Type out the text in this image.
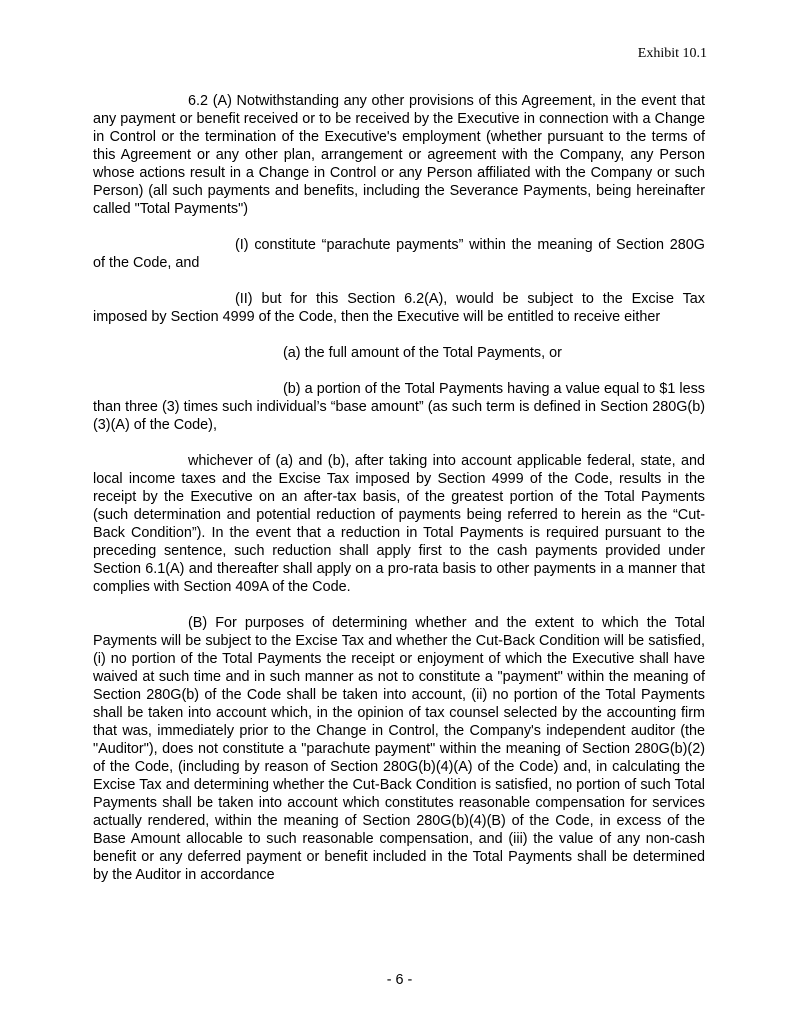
Exhibit 10.1

6.2 (A) Notwithstanding any other provisions of this Agreement, in the event that any payment or benefit received or to be received by the Executive in connection with a Change in Control or the termination of the Executive's employment (whether pursuant to the terms of this Agreement or any other plan, arrangement or agreement with the Company, any Person whose actions result in a Change in Control or any Person affiliated with the Company or such Person) (all such payments and benefits, including the Severance Payments, being hereinafter called "Total Payments")

(I) constitute “parachute payments” within the meaning of Section 280G of the Code, and

(II) but for this Section 6.2(A), would be subject to the Excise Tax imposed by Section 4999 of the Code, then the Executive will be entitled to receive either

(a) the full amount of the Total Payments, or

(b) a portion of the Total Payments having a value equal to $1 less than three (3) times such individual’s “base amount” (as such term is defined in Section 280G(b)(3)(A) of the Code),

whichever of (a) and (b), after taking into account applicable federal, state, and local income taxes and the Excise Tax imposed by Section 4999 of the Code, results in the receipt by the Executive on an after-tax basis, of the greatest portion of the Total Payments (such determination and potential reduction of payments being referred to herein as the “Cut-Back Condition”). In the event that a reduction in Total Payments is required pursuant to the preceding sentence, such reduction shall apply first to the cash payments provided under Section 6.1(A) and thereafter shall apply on a pro-rata basis to other payments in a manner that complies with Section 409A of the Code.

(B) For purposes of determining whether and the extent to which the Total Payments will be subject to the Excise Tax and whether the Cut-Back Condition will be satisfied, (i) no portion of the Total Payments the receipt or enjoyment of which the Executive shall have waived at such time and in such manner as not to constitute a "payment" within the meaning of Section 280G(b) of the Code shall be taken into account, (ii) no portion of the Total Payments shall be taken into account which, in the opinion of tax counsel selected by the accounting firm that was, immediately prior to the Change in Control, the Company's independent auditor (the "Auditor"), does not constitute a "parachute payment" within the meaning of Section 280G(b)(2) of the Code, (including by reason of Section 280G(b)(4)(A) of the Code) and, in calculating the Excise Tax and determining whether the Cut-Back Condition is satisfied, no portion of such Total Payments shall be taken into account which constitutes reasonable compensation for services actually rendered, within the meaning of Section 280G(b)(4)(B) of the Code, in excess of the Base Amount allocable to such reasonable compensation, and (iii) the value of any non-cash benefit or any deferred payment or benefit included in the Total Payments shall be determined by the Auditor in accordance

- 6 -
